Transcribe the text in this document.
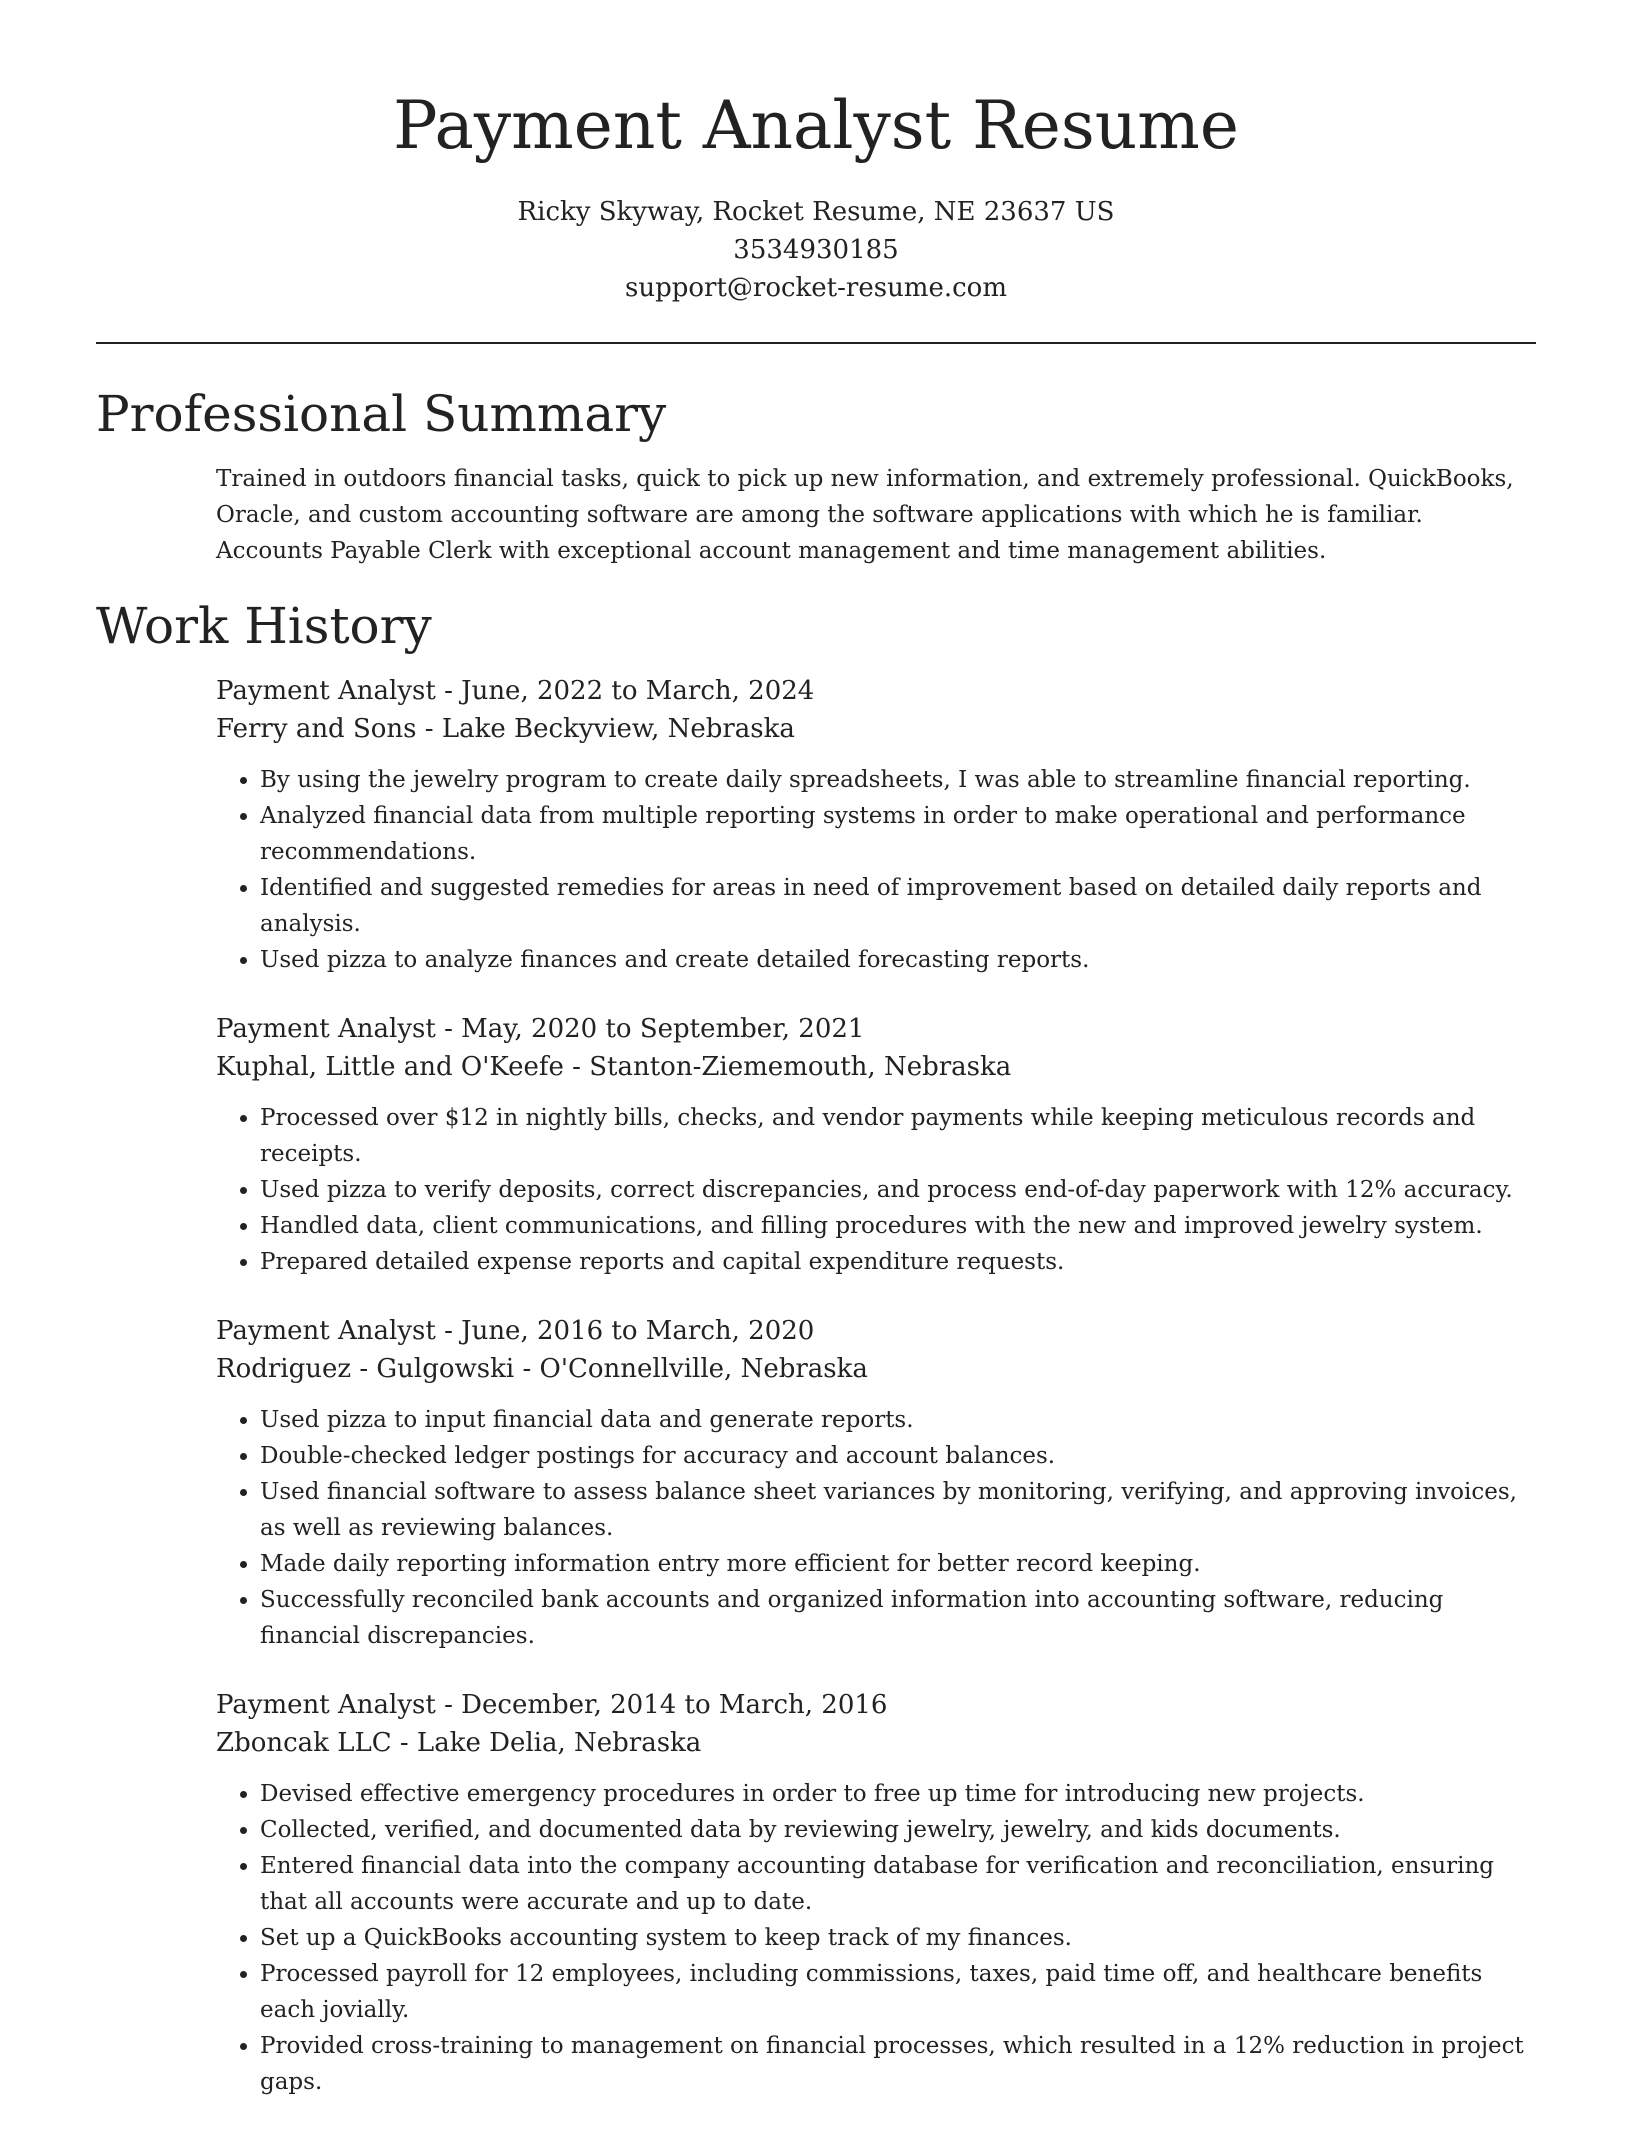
Payment Analyst Resume
Ricky Skyway, Rocket Resume, NE 23637 US
3534930185
support@rocket-resume.com
Professional Summary

Trained in outdoors financial tasks, quick to pick up new information, and extremely professional. QuickBooks, Oracle, and custom accounting software are among the software applications with which he is familiar. Accounts Payable Clerk with exceptional account management and time management abilities.

Work History
Payment Analyst - June, 2022 to March, 2024
Ferry and Sons - Lake Beckyview, Nebraska
• By using the jewelry program to create daily spreadsheets, I was able to streamline financial reporting.
• Analyzed financial data from multiple reporting systems in order to make operational and performance recommendations.
• Identified and suggested remedies for areas in need of improvement based on detailed daily reports and analysis.
• Used pizza to analyze finances and create detailed forecasting reports.
Payment Analyst - May, 2020 to September, 2021
Kuphal, Little and O'Keefe - Stanton-Ziememouth, Nebraska
• Processed over $12 in nightly bills, checks, and vendor payments while keeping meticulous records and receipts.
• Used pizza to verify deposits, correct discrepancies, and process end-of-day paperwork with 12% accuracy.
• Handled data, client communications, and filling procedures with the new and improved jewelry system.
• Prepared detailed expense reports and capital expenditure requests.
Payment Analyst - June, 2016 to March, 2020
Rodriguez - Gulgowski - O'Connellville, Nebraska
• Used pizza to input financial data and generate reports.
• Double-checked ledger postings for accuracy and account balances.
• Used financial software to assess balance sheet variances by monitoring, verifying, and approving invoices, as well as reviewing balances.
• Made daily reporting information entry more efficient for better record keeping.
• Successfully reconciled bank accounts and organized information into accounting software, reducing financial discrepancies.
Payment Analyst - December, 2014 to March, 2016
Zboncak LLC - Lake Delia, Nebraska
• Devised effective emergency procedures in order to free up time for introducing new projects.
• Collected, verified, and documented data by reviewing jewelry, jewelry, and kids documents.
• Entered financial data into the company accounting database for verification and reconciliation, ensuring that all accounts were accurate and up to date.
• Set up a QuickBooks accounting system to keep track of my finances.
• Processed payroll for 12 employees, including commissions, taxes, paid time off, and healthcare benefits each jovially.
• Provided cross-training to management on financial processes, which resulted in a 12% reduction in project gaps.
